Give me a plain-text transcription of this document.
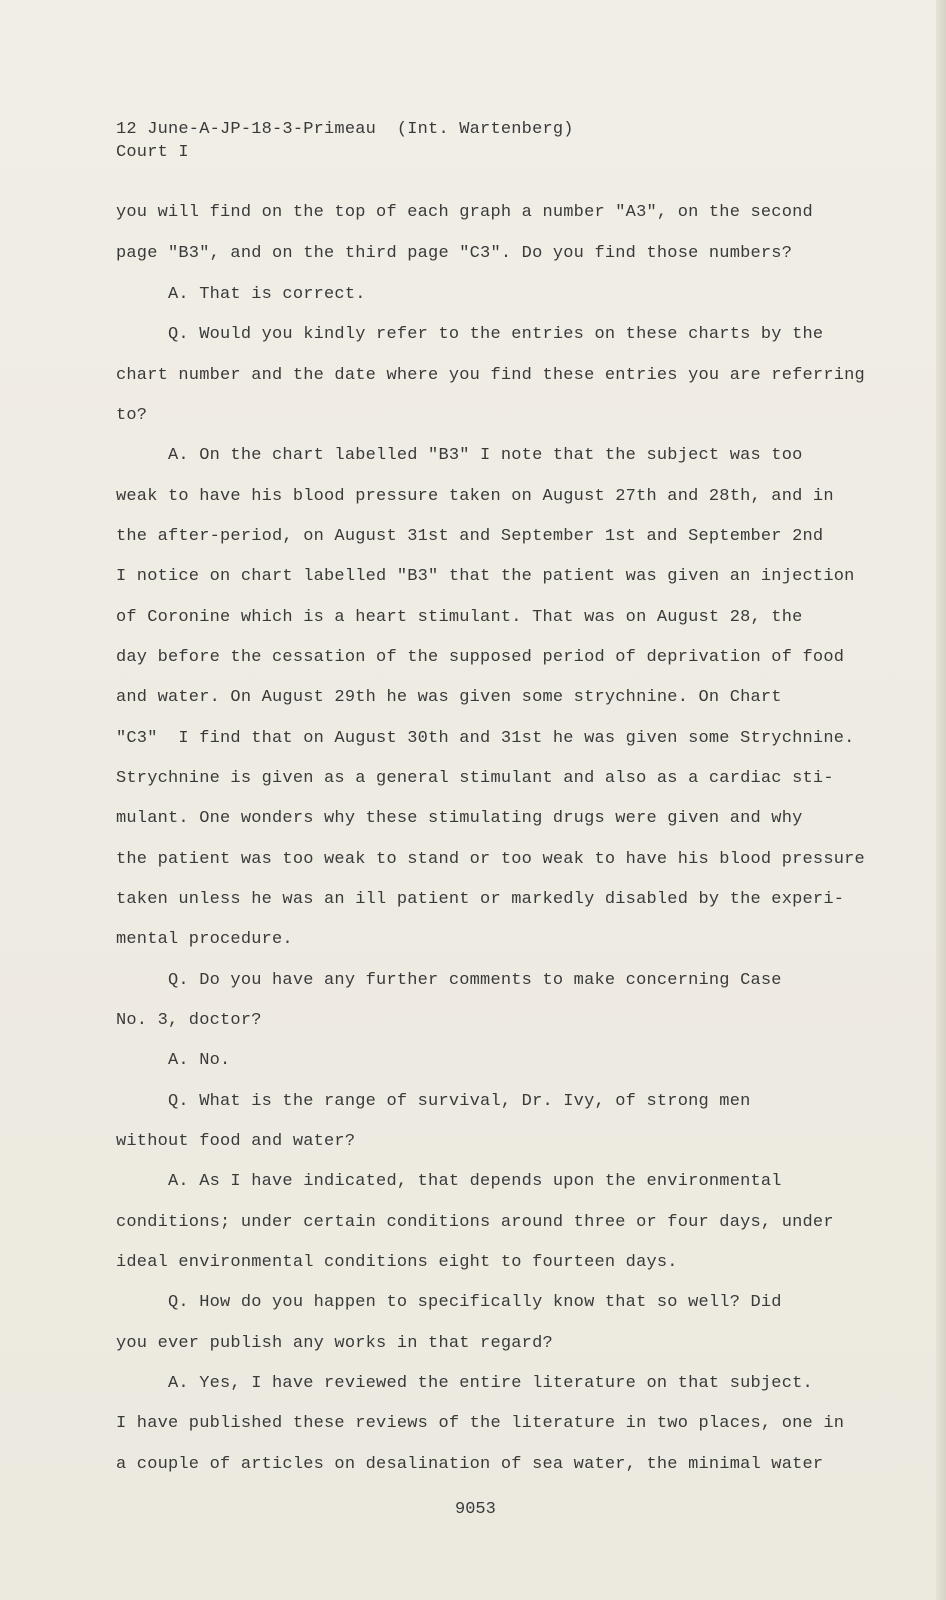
12 June-A-JP-18-3-Primeau  (Int. Wartenberg)
Court I
you will find on the top of each graph a number "A3", on the second
page "B3", and on the third page "C3". Do you find those numbers?
A. That is correct.
Q. Would you kindly refer to the entries on these charts by the
chart number and the date where you find these entries you are referring
to?
A. On the chart labelled "B3" I note that the subject was too
weak to have his blood pressure taken on August 27th and 28th, and in
the after-period, on August 31st and September 1st and September 2nd
I notice on chart labelled "B3" that the patient was given an injection
of Coronine which is a heart stimulant. That was on August 28, the
day before the cessation of the supposed period of deprivation of food
and water. On August 29th he was given some strychnine. On Chart
"C3"  I find that on August 30th and 31st he was given some Strychnine.
Strychnine is given as a general stimulant and also as a cardiac sti-
mulant. One wonders why these stimulating drugs were given and why
the patient was too weak to stand or too weak to have his blood pressure
taken unless he was an ill patient or markedly disabled by the experi-
mental procedure.
Q. Do you have any further comments to make concerning Case
No. 3, doctor?
A. No.
Q. What is the range of survival, Dr. Ivy, of strong men
without food and water?
A. As I have indicated, that depends upon the environmental
conditions; under certain conditions around three or four days, under
ideal environmental conditions eight to fourteen days.
Q. How do you happen to specifically know that so well? Did
you ever publish any works in that regard?
A. Yes, I have reviewed the entire literature on that subject.
I have published these reviews of the literature in two places, one in
a couple of articles on desalination of sea water, the minimal water
9053
